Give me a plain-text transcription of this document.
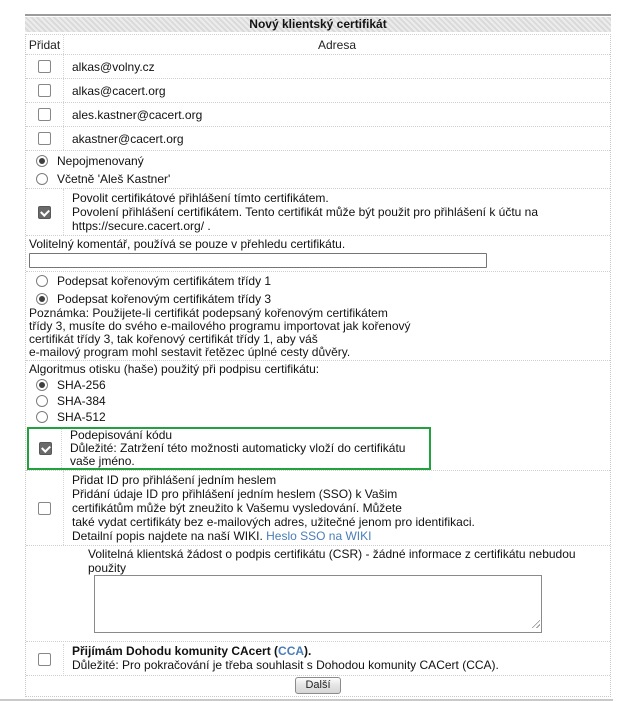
Nový klientský certifikát
Přidat	Adresa
alkas@volny.cz
alkas@cacert.org
ales.kastner@cacert.org
akastner@cacert.org
Nepojmenovaný
Včetně 'Aleš Kastner'
Povolit certifikátové přihlášení tímto certifikátem.
Povolení přihlášení certifikátem. Tento certifikát může být použit pro přihlášení k účtu na https://secure.cacert.org/ .
Volitelný komentář, používá se pouze v přehledu certifikátu.
Podepsat kořenovým certifikátem třídy 1
Podepsat kořenovým certifikátem třídy 3
Poznámka: Použijete-li certifikát podepsaný kořenovým certifikátem
třídy 3, musíte do svého e-mailového programu importovat jak kořenový
certifikát třídy 3, tak kořenový certifikát třídy 1, aby váš
e-mailový program mohl sestavit řetězec úplné cesty důvěry.
Algoritmus otisku (haše) použitý při podpisu certifikátu:
SHA-256
SHA-384
SHA-512
Podepisování kódu
Důležité: Zatržení této možnosti automaticky vloží do certifikátu vaše jméno.
Přidat ID pro přihlášení jedním heslem
Přidání údaje ID pro přihlášení jedním heslem (SSO) k Vašim
certifikátům může být zneužito k Vašemu vysledování. Můžete
také vydat certifikáty bez e-mailových adres, užitečné jenom pro identifikaci.
Detailní popis najdete na naší WIKI. Heslo SSO na WIKI
Volitelná klientská žádost o podpis certifikátu (CSR) - žádné informace z certifikátu nebudou použity
Přijímám Dohodu komunity CAcert (CCA).
Důležité: Pro pokračování je třeba souhlasit s Dohodou komunity CACert (CCA).
Další
